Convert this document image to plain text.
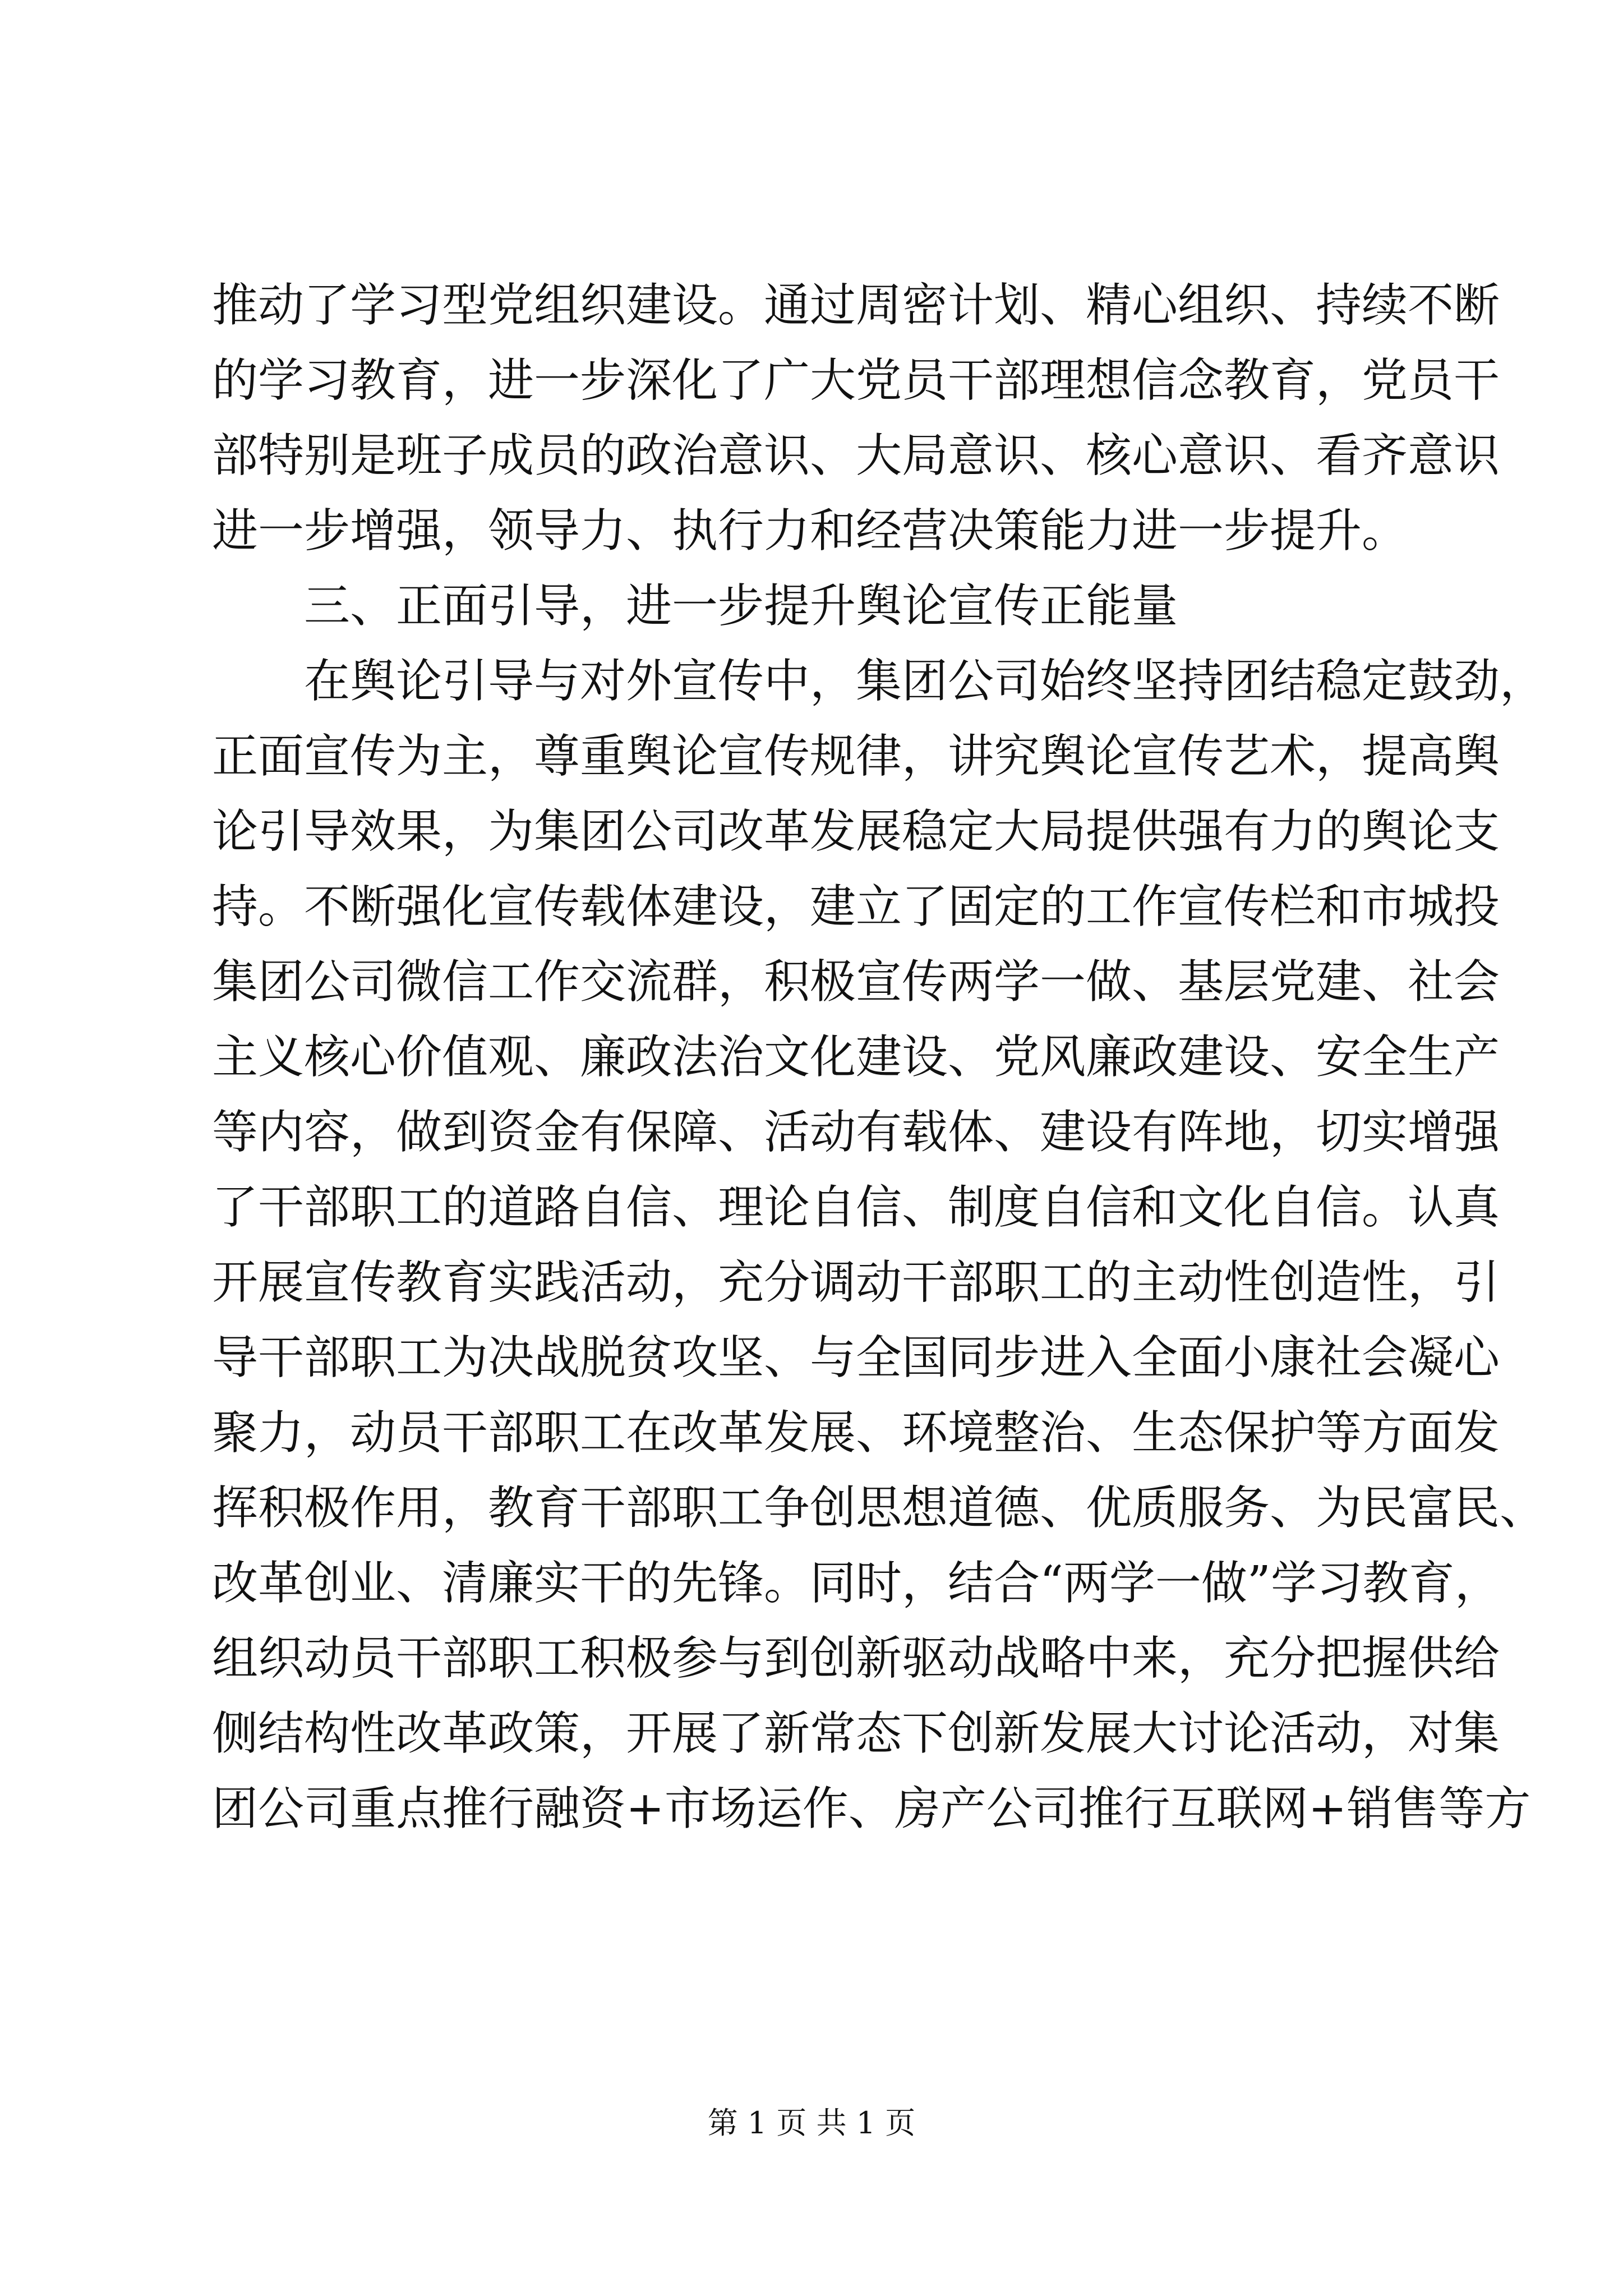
推动了学习型党组织建设。通过周密计划、精心组织、持续不断
的学习教育，进一步深化了广大党员干部理想信念教育，党员干
部特别是班子成员的政治意识、大局意识、核心意识、看齐意识
进一步增强，领导力、执行力和经营决策能力进一步提升。
三、正面引导，进一步提升舆论宣传正能量
在舆论引导与对外宣传中，集团公司始终坚持团结稳定鼓劲，
正面宣传为主，尊重舆论宣传规律，讲究舆论宣传艺术，提高舆
论引导效果，为集团公司改革发展稳定大局提供强有力的舆论支
持。不断强化宣传载体建设，建立了固定的工作宣传栏和市城投
集团公司微信工作交流群，积极宣传两学一做、基层党建、社会
主义核心价值观、廉政法治文化建设、党风廉政建设、安全生产
等内容，做到资金有保障、活动有载体、建设有阵地，切实增强
了干部职工的道路自信、理论自信、制度自信和文化自信。认真
开展宣传教育实践活动，充分调动干部职工的主动性创造性，引
导干部职工为决战脱贫攻坚、与全国同步进入全面小康社会凝心
聚力，动员干部职工在改革发展、环境整治、生态保护等方面发
挥积极作用，教育干部职工争创思想道德、优质服务、为民富民、
改革创业、清廉实干的先锋。同时，结合“两学一做”学习教育，
组织动员干部职工积极参与到创新驱动战略中来，充分把握供给
侧结构性改革政策，开展了新常态下创新发展大讨论活动，对集
团公司重点推行融资+市场运作、房产公司推行互联网+销售等方
第 1 页 共 1 页
